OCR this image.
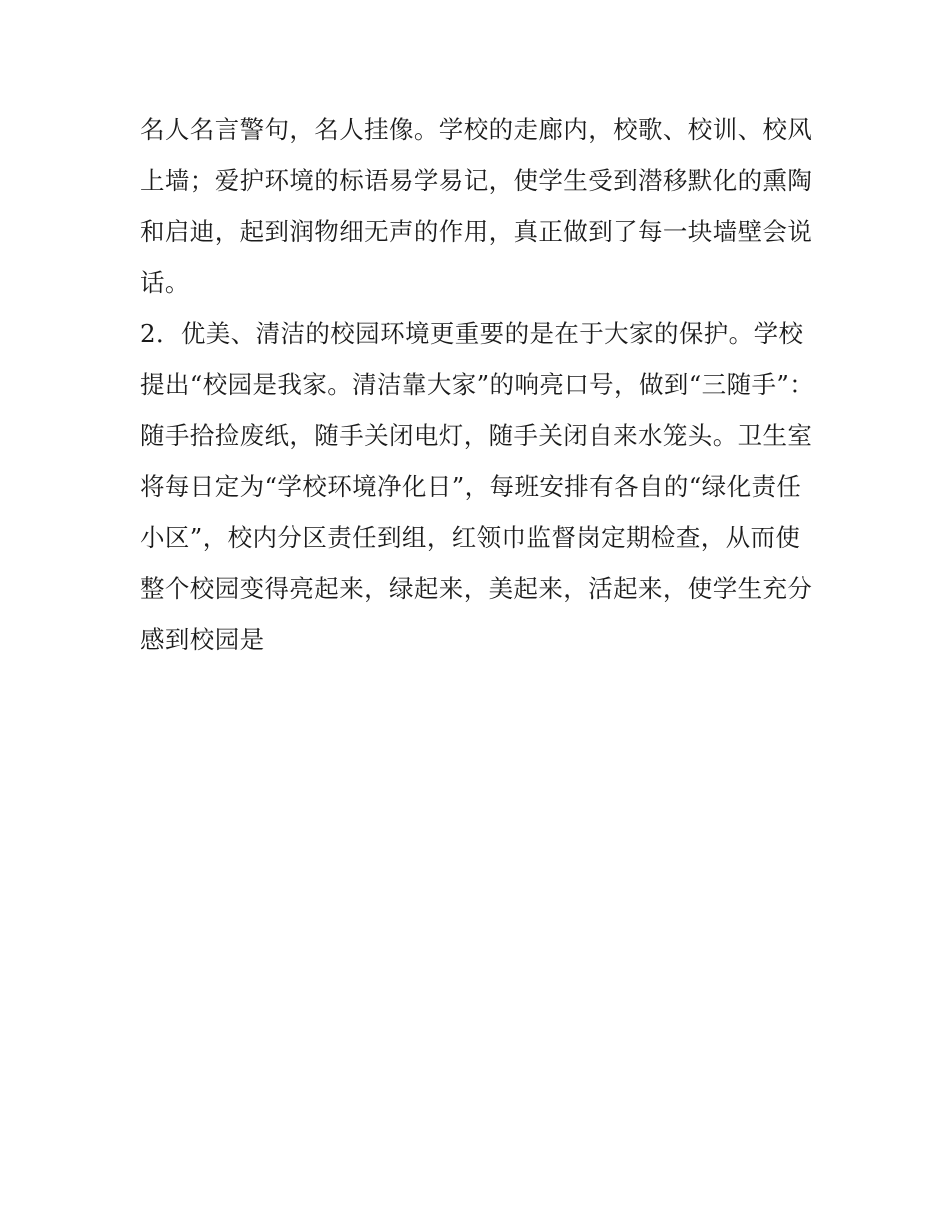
名人名言警句，名人挂像。学校的走廊内，校歌、校训、校风
上墙；爱护环境的标语易学易记，使学生受到潜移默化的熏陶
和启迪，起到润物细无声的作用，真正做到了每一块墙壁会说
话。
2．优美、清洁的校园环境更重要的是在于大家的保护。学校
提出“校园是我家。清洁靠大家”的响亮口号，做到“三随手”：
随手拾捡废纸，随手关闭电灯，随手关闭自来水笼头。卫生室
将每日定为“学校环境净化日”，每班安排有各自的“绿化责任
小区”，校内分区责任到组，红领巾监督岗定期检查，从而使
整个校园变得亮起来，绿起来，美起来，活起来，使学生充分
感到校园是
